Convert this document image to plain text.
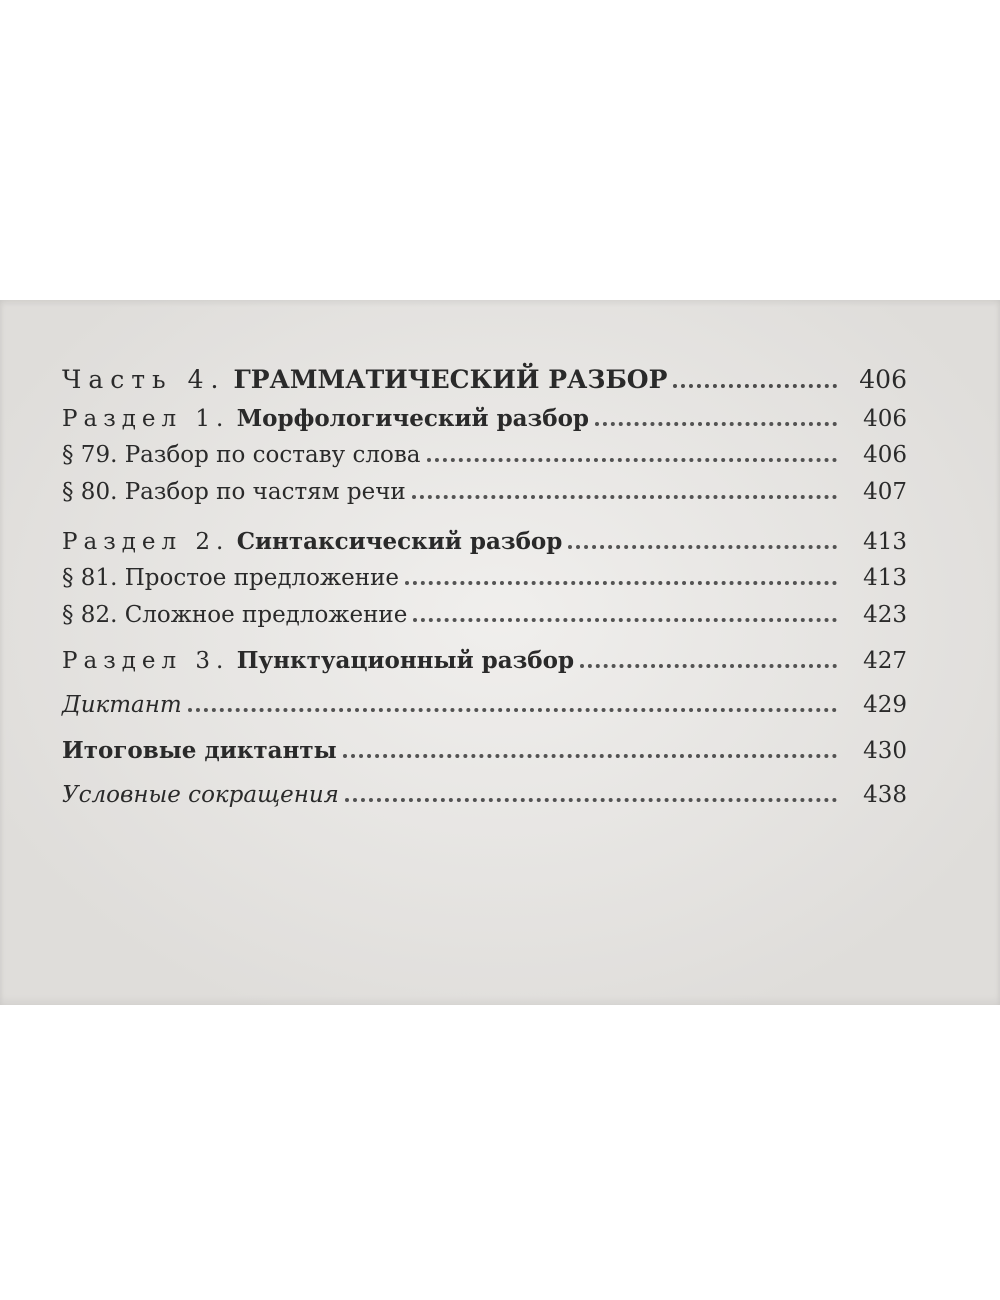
Часть 4. ГРАММАТИЧЕСКИЙ РАЗБОР	406
Раздел 1. Морфологический разбор	406
§ 79. Разбор по составу слова	406
§ 80. Разбор по частям речи	407
Раздел 2. Синтаксический разбор	413
§ 81. Простое предложение	413
§ 82. Сложное предложение	423
Раздел 3. Пунктуационный разбор	427
Диктант	429
Итоговые диктанты	430
Условные сокращения	438
